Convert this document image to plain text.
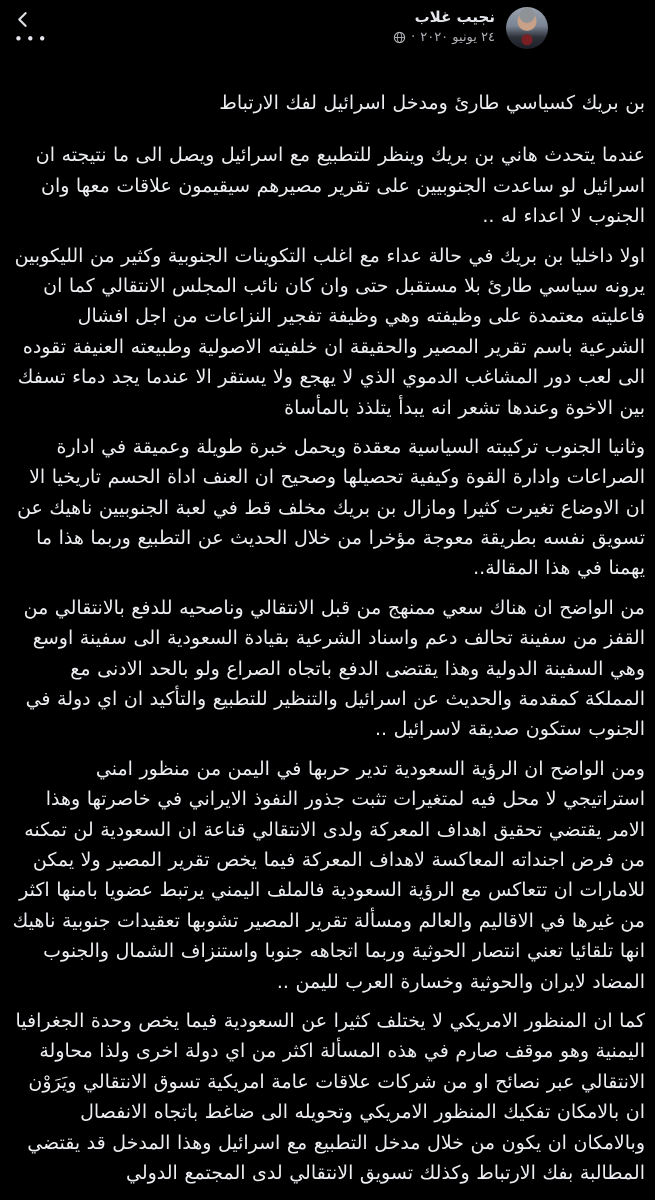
•••
نجيب غلاب
٢٤ يونيو ٢٠٢٠
·

بن بريك كسياسي طارئ ومدخل اسرائيل لفك الارتباط

عندما يتحدث هاني بن بريك وينظر للتطبيع مع اسرائيل ويصل الى ما نتيجته ان اسرائيل لو ساعدت الجنوبيين على تقرير مصيرهم سيقيمون علاقات معها وان الجنوب لا اعداء له ..

اولا داخليا بن بريك في حالة عداء مع اغلب التكوينات الجنوبية وكثير من الليكوبين يرونه سياسي طارئ بلا مستقبل حتى وان كان نائب المجلس الانتقالي كما ان فاعليته معتمدة على وظيفته وهي وظيفة تفجير النزاعات من اجل افشال الشرعية باسم تقرير المصير والحقيقة ان خلفيته الاصولية وطبيعته العنيفة تقوده الى لعب دور المشاغب الدموي الذي لا يهجع ولا يستقر الا عندما يجد دماء تسفك بين الاخوة وعندها تشعر انه يبدأ يتلذذ بالمأساة

وثانيا الجنوب تركيبته السياسية معقدة ويحمل خبرة طويلة وعميقة في ادارة الصراعات وادارة القوة وكيفية تحصيلها وصحيح ان العنف اداة الحسم تاريخيا الا ان الاوضاع تغيرت كثيرا ومازال بن بريك مخلف قط في لعبة الجنوبيين ناهيك عن تسويق نفسه بطريقة معوجة مؤخرا من خلال الحديث عن التطبيع وربما هذا ما يهمنا في هذا المقالة..

من الواضح ان هناك سعي ممنهج من قبل الانتقالي وناصحيه للدفع بالانتقالي من القفز من سفينة تحالف دعم واسناد الشرعية بقيادة السعودية الى سفينة اوسع وهي السفينة الدولية وهذا يقتضى الدفع باتجاه الصراع ولو بالحد الادنى مع المملكة كمقدمة والحديث عن اسرائيل والتنظير للتطبيع والتأكيد ان اي دولة في الجنوب ستكون صديقة لاسرائيل ..

ومن الواضح ان الرؤية السعودية تدير حربها في اليمن من منظور امني استراتيجي لا محل فيه لمتغيرات تثبت جذور النفوذ الايراني في خاصرتها وهذا الامر يقتضي تحقيق اهداف المعركة ولدى الانتقالي قناعة ان السعودية لن تمكنه من فرض اجنداته المعاكسة لاهداف المعركة فيما يخص تقرير المصير ولا يمكن للامارات ان تتعاكس مع الرؤية السعودية فالملف اليمني يرتبط عضويا بامنها اكثر من غيرها في الاقاليم والعالم ومسألة تقرير المصير تشوبها تعقيدات جنوبية ناهيك انها تلقائيا تعني انتصار الحوثية وربما اتجاهه جنوبا واستنزاف الشمال والجنوب المضاد لايران والحوثية وخسارة العرب لليمن ..

كما ان المنظور الامريكي لا يختلف كثيرا عن السعودية فيما يخص وحدة الجغرافيا اليمنية وهو موقف صارم في هذه المسألة اكثر من اي دولة اخرى ولذا محاولة الانتقالي عبر نصائح او من شركات علاقات عامة امريكية تسوق الانتقالي ويَرَوْن ان بالامكان تفكيك المنظور الامريكي وتحويله الى ضاغط باتجاه الانفصال وبالامكان ان يكون من خلال مدخل التطبيع مع اسرائيل وهذا المدخل قد يقتضي المطالبة بفك الارتباط وكذلك تسويق الانتقالي لدى المجتمع الدولي
